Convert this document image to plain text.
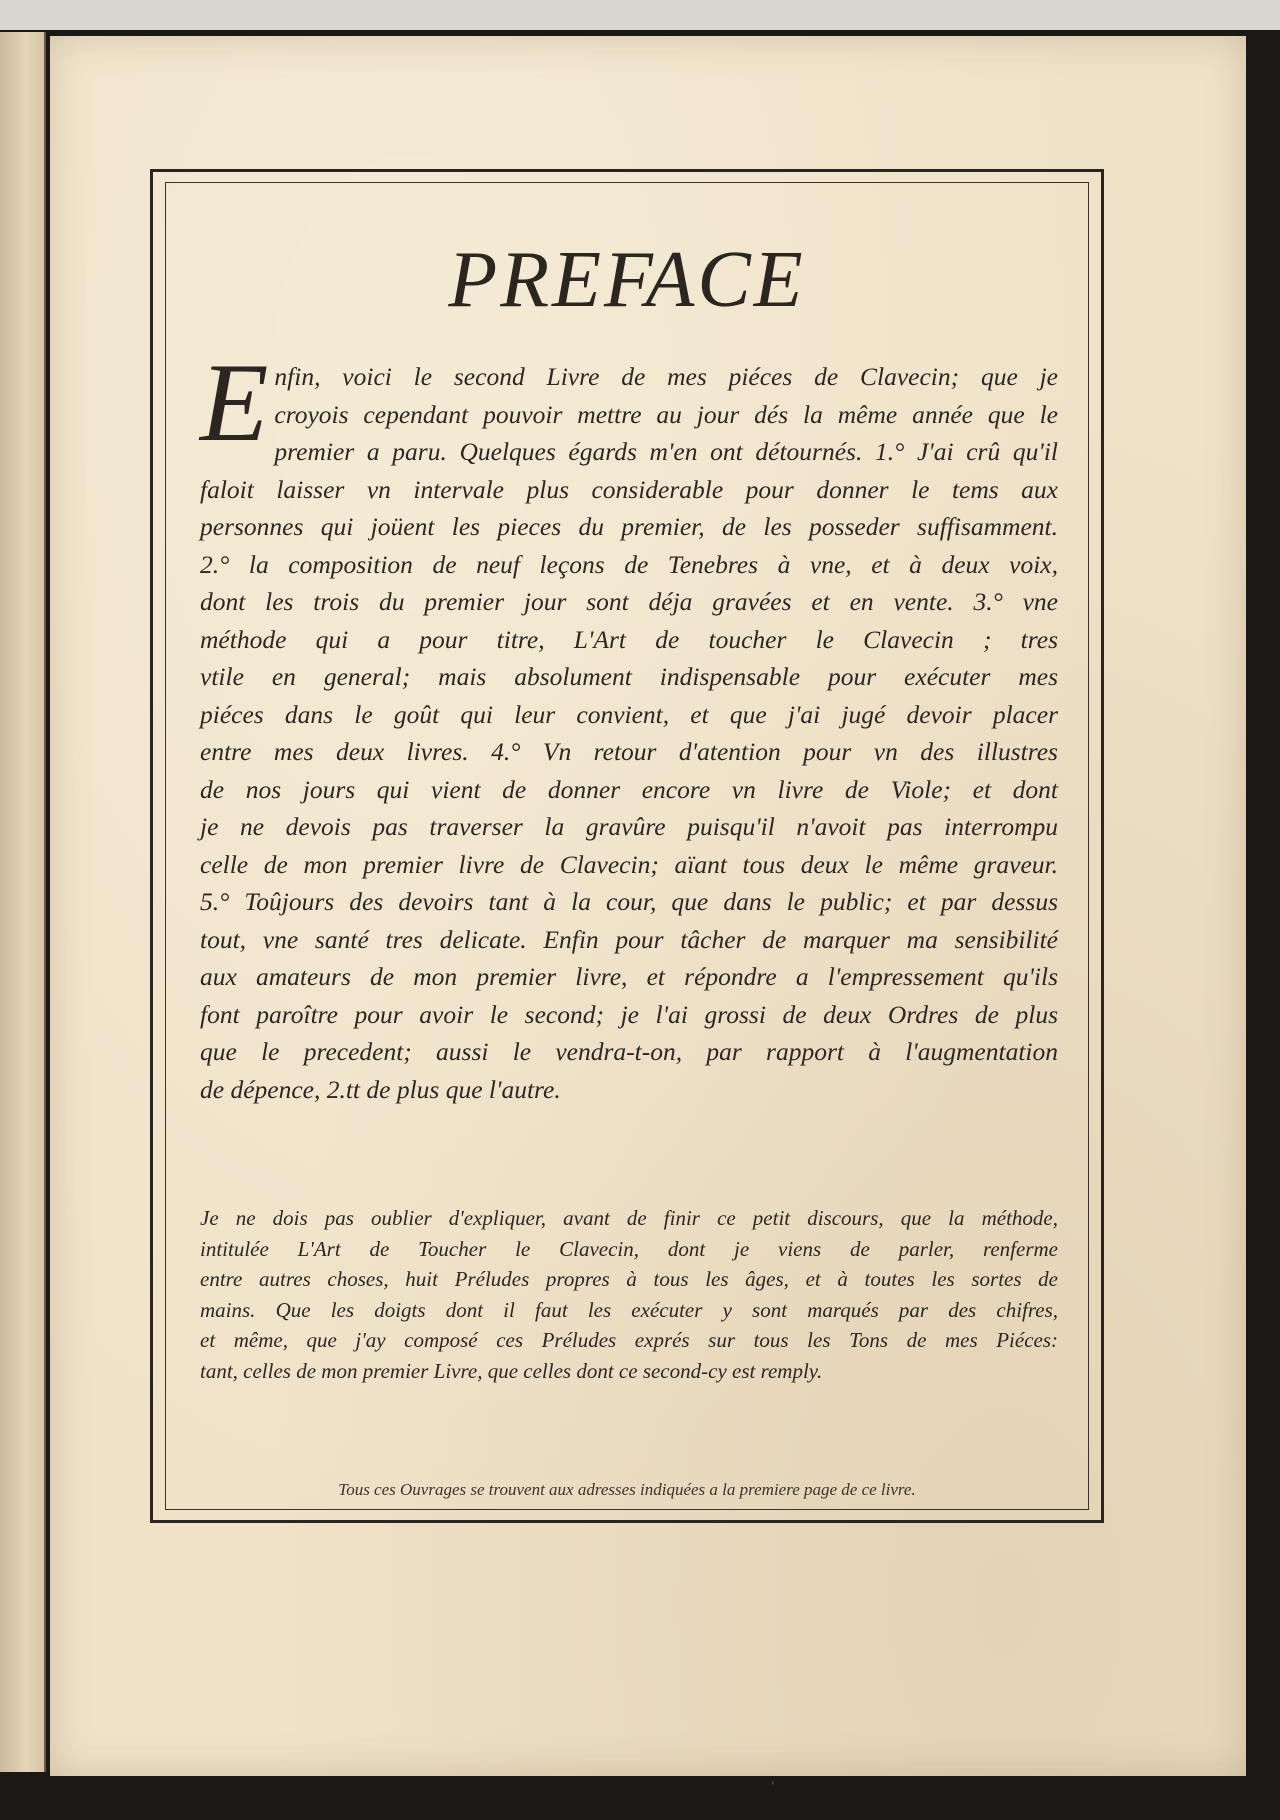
PREFACE
E nfin, voici le second Livre de mes piéces de Clavecin; que je
croyois cependant pouvoir mettre au jour dés la même année que le
premier a paru. Quelques égards m'en ont détournés. 1.° J'ai crû qu'il
faloit laisser vn intervale plus considerable pour donner le tems aux
personnes qui joüent les pieces du premier, de les posseder suffisamment.
2.° la composition de neuf leçons de Tenebres à vne, et à deux voix,
dont les trois du premier jour sont déja gravées et en vente. 3.° vne
méthode qui a pour titre, L'Art de toucher le Clavecin ; tres
vtile en general; mais absolument indispensable pour exécuter mes
piéces dans le goût qui leur convient, et que j'ai jugé devoir placer
entre mes deux livres. 4.° Vn retour d'atention pour vn des illustres
de nos jours qui vient de donner encore vn livre de Viole; et dont
je ne devois pas traverser la gravûre puisqu'il n'avoit pas interrompu
celle de mon premier livre de Clavecin; aïant tous deux le même graveur.
5.° Toûjours des devoirs tant à la cour, que dans le public; et par dessus
tout, vne santé tres delicate. Enfin pour tâcher de marquer ma sensibilité
aux amateurs de mon premier livre, et répondre a l'empressement qu'ils
font paroître pour avoir le second; je l'ai grossi de deux Ordres de plus
que le precedent; aussi le vendra-t-on, par rapport à l'augmentation
de dépence, 2.tt de plus que l'autre.
Je ne dois pas oublier d'expliquer, avant de finir ce petit discours, que la méthode,
intitulée L'Art de Toucher le Clavecin, dont je viens de parler, renferme
entre autres choses, huit Préludes propres à tous les âges, et à toutes les sortes de
mains. Que les doigts dont il faut les exécuter y sont marqués par des chifres,
et même, que j'ay composé ces Préludes exprés sur tous les Tons de mes Piéces:
tant, celles de mon premier Livre, que celles dont ce second-cy est remply.
Tous ces Ouvrages se trouvent aux adresses indiquées a la premiere page de ce livre.
‘
